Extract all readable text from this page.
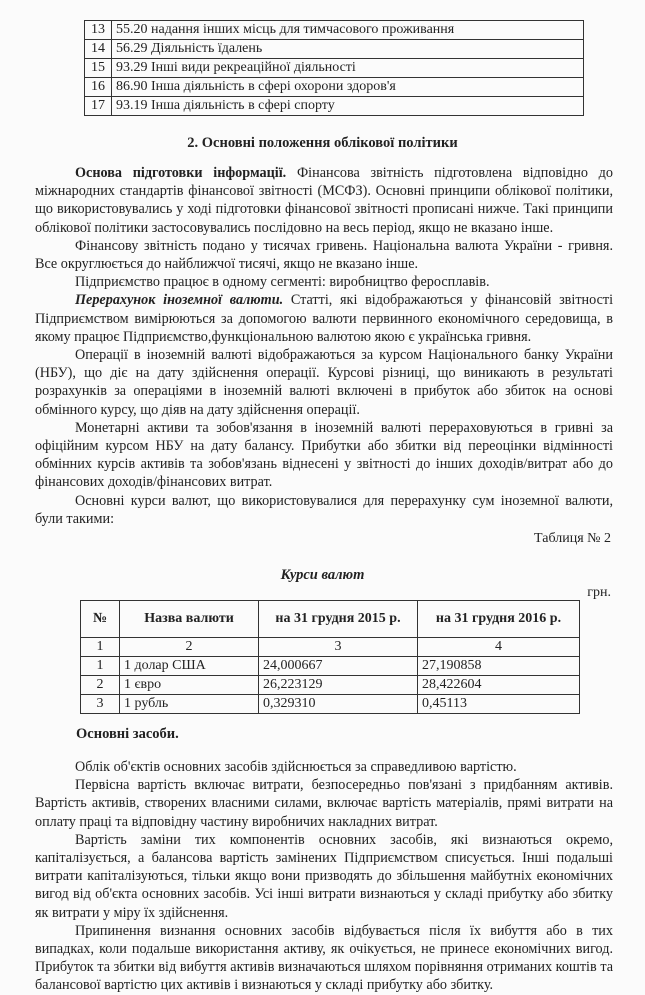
13	55.20 надання інших місць для тимчасового проживання
14	56.29 Діяльність їдалень
15	93.29 Інші види рекреаційної діяльності
16	86.90 Інша діяльність в сфері охорони здоров'я
17	93.19 Інша діяльність в сфері спорту
2. Основні положення облікової політики

Основа підготовки інформації. Фінансова звітність підготовлена відповідно до міжнародних стандартів фінансової звітності (МСФЗ). Основні принципи облікової політики, що використовувались у ході підготовки фінансової звітності прописані нижче. Такі принципи облікової політики застосовувались послідовно на весь період, якщо не вказано інше.

Фінансову звітність подано у тисячах гривень. Національна валюта України - гривня. Все округлюється до найближчої тисячі, якщо не вказано інше.

Підприємство працює в одному сегменті: виробництво феросплавів.

Перерахунок іноземної валюти. Статті, які відображаються у фінансовій звітності Підприємством вимірюються за допомогою валюти первинного економічного середовища, в якому працює Підприємство,функціональною валютою якою є українська гривня.

Операції в іноземній валюті відображаються за курсом Національного банку України (НБУ), що діє на дату здійснення операції. Курсові різниці, що виникають в результаті розрахунків за операціями в іноземній валюті включені в прибуток або збиток на основі обмінного курсу, що діяв на дату здійснення операції.

Монетарні активи та зобов'язання в іноземній валюті перераховуються в гривні за офіційним курсом НБУ на дату балансу. Прибутки або збитки від переоцінки відмінності обмінних курсів активів та зобов'язань віднесені у звітності до інших доходів/витрат або до фінансових доходів/фінансових витрат.

Основні курси валют, що використовувалися для перерахунку сум іноземної валюти, були такими:

Таблиця № 2
Курси валют
грн.
№	Назва валюти	на 31 грудня 2015 р.	на 31 грудня 2016 р.
1	2	3	4
1	1 долар США	24,000667	27,190858
2	1 євро	26,223129	28,422604
3	1 рубль	0,329310	0,45113
Основні засоби.

Облік об'єктів основних засобів здійснюється за справедливою вартістю.

Первісна вартість включає витрати, безпосередньо пов'язані з придбанням активів. Вартість активів, створених власними силами, включає вартість матеріалів, прямі витрати на оплату праці та відповідну частину виробничих накладних витрат.

Вартість заміни тих компонентів основних засобів, які визнаються окремо, капіталізується, а балансова вартість замінених Підприємством списується. Інші подальші витрати капіталізуються, тільки якщо вони призводять до збільшення майбутніх економічних вигод від об'єкта основних засобів. Усі інші витрати визнаються у складі прибутку або збитку як витрати у міру їх здійснення.

Припинення визнання основних засобів відбувається після їх вибуття або в тих випадках, коли подальше використання активу, як очікується, не принесе економічних вигод. Прибуток та збитки від вибуття активів визначаються шляхом порівняння отриманих коштів та балансової вартістю цих активів і визнаються у складі прибутку або збитку.
